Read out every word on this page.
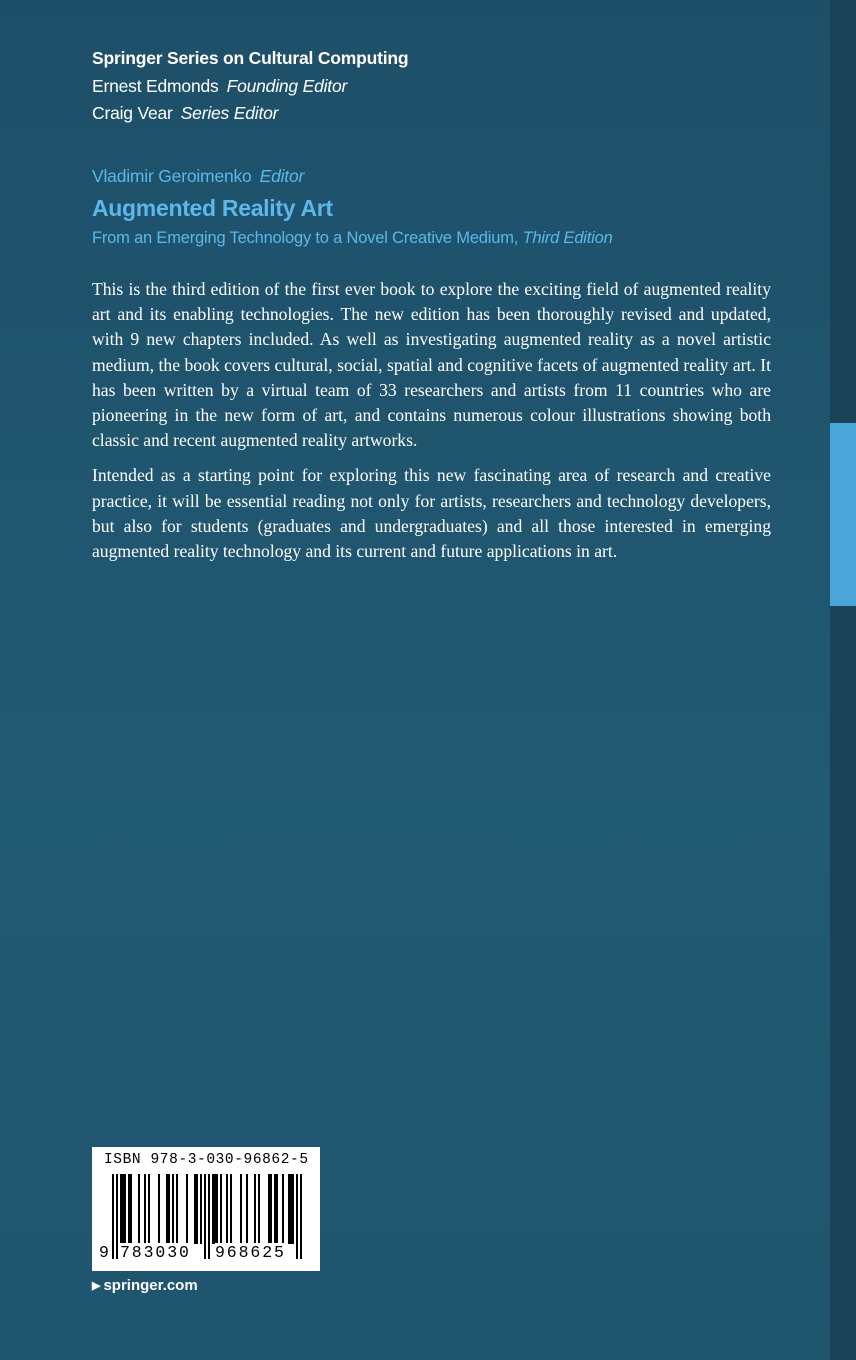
Springer Series on Cultural Computing
Ernest Edmonds Founding Editor
Craig Vear Series Editor
Vladimir Geroimenko Editor
Augmented Reality Art
From an Emerging Technology to a Novel Creative Medium, Third Edition

This is the third edition of the first ever book to explore the exciting field of augmented reality art and its enabling technologies. The new edition has been thoroughly revised and updated, with 9 new chapters included. As well as investigating augmented reality as a novel artistic medium, the book covers cultural, social, spatial and cognitive facets of augmented reality art. It has been written by a virtual team of 33 researchers and artists from 11 countries who are pioneering in the new form of art, and contains numerous colour illustrations showing both classic and recent augmented reality artworks.

Intended as a starting point for exploring this new fascinating area of research and creative practice, it will be essential reading not only for artists, researchers and technology developers, but also for students (graduates and undergraduates) and all those interested in emerging augmented reality technology and its current and future applications in art.

ISBN 978-3-030-96862-5
9 783030 968625
▶ springer.com
